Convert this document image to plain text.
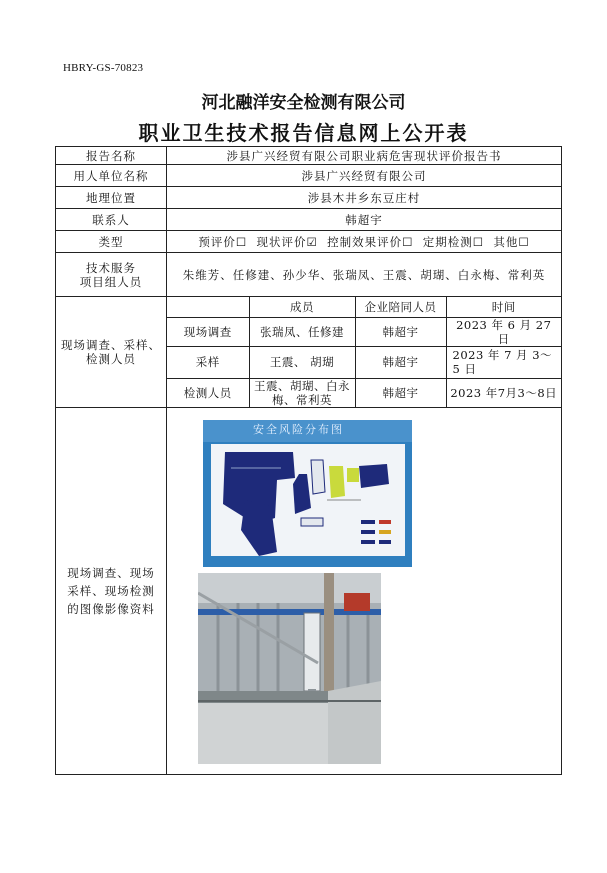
HBRY-GS-70823
河北融洋安全检测有限公司
职业卫生技术报告信息网上公开表
报告名称	涉县广兴经贸有限公司职业病危害现状评价报告书
用人单位名称	涉县广兴经贸有限公司
地理位置	涉县木井乡东豆庄村
联系人	韩超宇
类型	预评价☐ 现状评价☑ 控制效果评价☐ 定期检测☐ 其他☐

技术服务
项目组人员	朱维芳、任修建、孙少华、张瑞凤、王震、胡瑚、白永梅、常利英

现场调查、采样、
检测人员

	成员	企业陪同人员	时间
现场调查	张瑞凤、任修建	韩超宇	2023 年 6 月 27 日
采样	王震、 胡瑚	韩超宇	2023 年 7 月 3～5 日
检测人员	王震、胡瑚、白永梅、常利英	韩超宇	2023 年7月3～8日

现场调查、现场采样、现场检测的图像影像资料	
安全风险分布图
